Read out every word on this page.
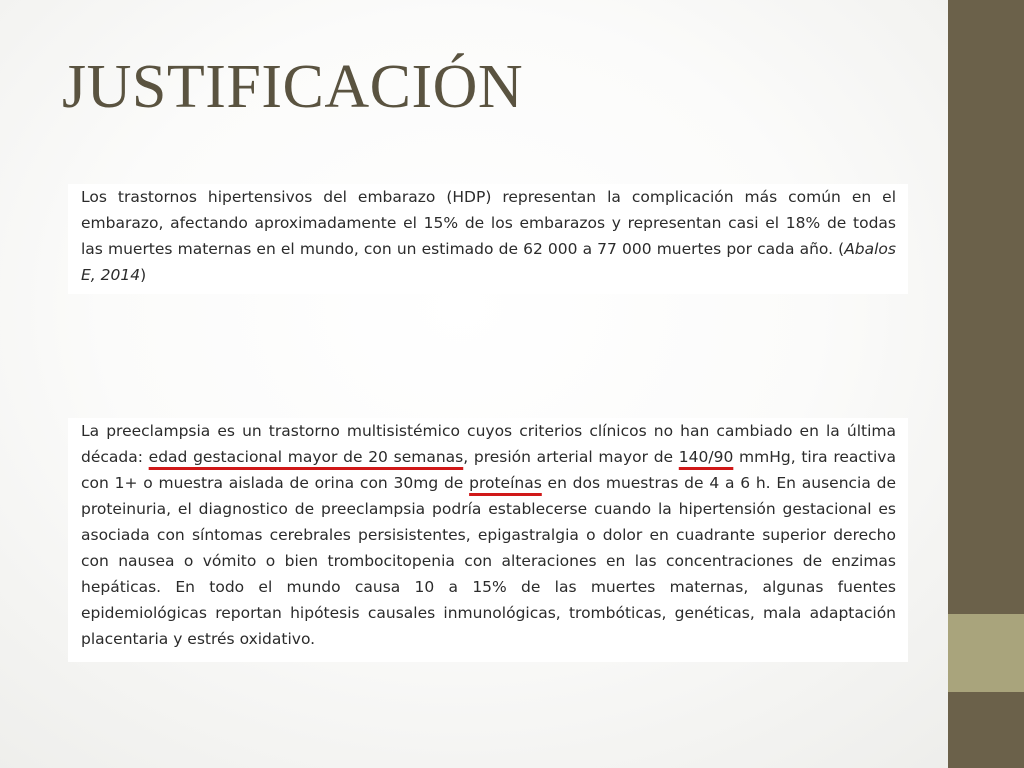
JUSTIFICACIÓN

Los trastornos hipertensivos del embarazo (HDP) representan la complicación más común en el embarazo, afectando aproximadamente el 15% de los embarazos y representan casi el 18% de todas las muertes maternas en el mundo, con un estimado de 62 000 a 77 000 muertes por cada año. (Abalos E, 2014)

La preeclampsia es un trastorno multisistémico cuyos criterios clínicos no han cambiado en la última década: edad gestacional mayor de 20 semanas, presión arterial mayor de 140/90 mmHg, tira reactiva con 1+ o muestra aislada de orina con 30mg de proteínas en dos muestras de 4 a 6 h. En ausencia de proteinuria, el diagnostico de preeclampsia podría establecerse cuando la hipertensión gestacional es asociada con síntomas cerebrales persisistentes, epigastralgia o dolor en cuadrante superior derecho con nausea o vómito o bien trombocitopenia con alteraciones en las concentraciones de enzimas hepáticas. En todo el mundo causa 10 a 15% de las muertes maternas, algunas fuentes epidemiológicas reportan hipótesis causales inmunológicas, trombóticas, genéticas, mala adaptación placentaria y estrés oxidativo.
